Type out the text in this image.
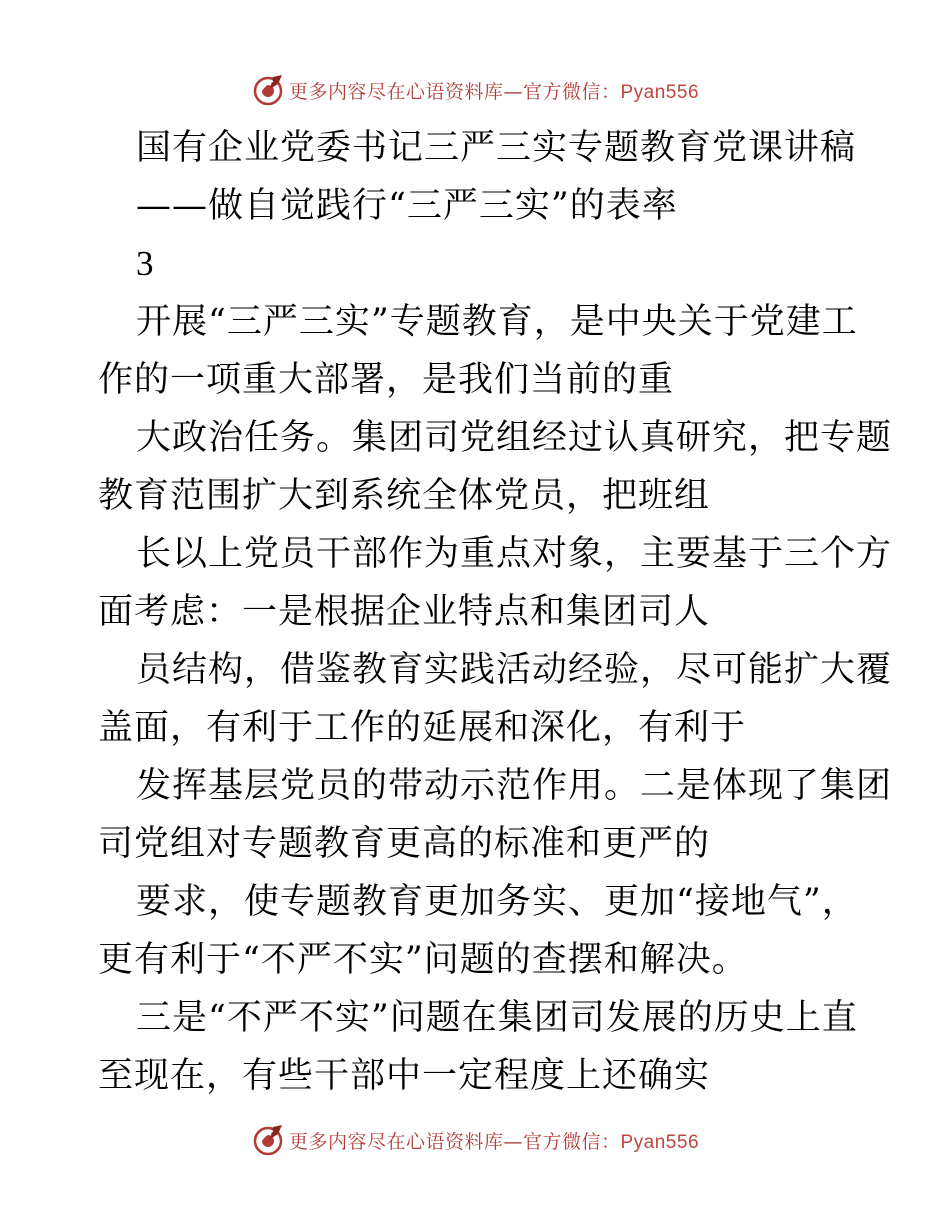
更多内容尽在心语资料库—官方微信：Pyan556
国有企业党委书记三严三实专题教育党课讲稿
——做自觉践行“三严三实”的表率
3
开展“三严三实”专题教育，是中央关于党建工
作的一项重大部署，是我们当前的重
大政治任务。集团司党组经过认真研究，把专题
教育范围扩大到系统全体党员，把班组
长以上党员干部作为重点对象，主要基于三个方
面考虑：一是根据企业特点和集团司人
员结构，借鉴教育实践活动经验，尽可能扩大覆
盖面，有利于工作的延展和深化，有利于
发挥基层党员的带动示范作用。二是体现了集团
司党组对专题教育更高的标准和更严的
要求，使专题教育更加务实、更加“接地气”，
更有利于“不严不实”问题的查摆和解决。
三是“不严不实”问题在集团司发展的历史上直
至现在，有些干部中一定程度上还确实
更多内容尽在心语资料库—官方微信：Pyan556
